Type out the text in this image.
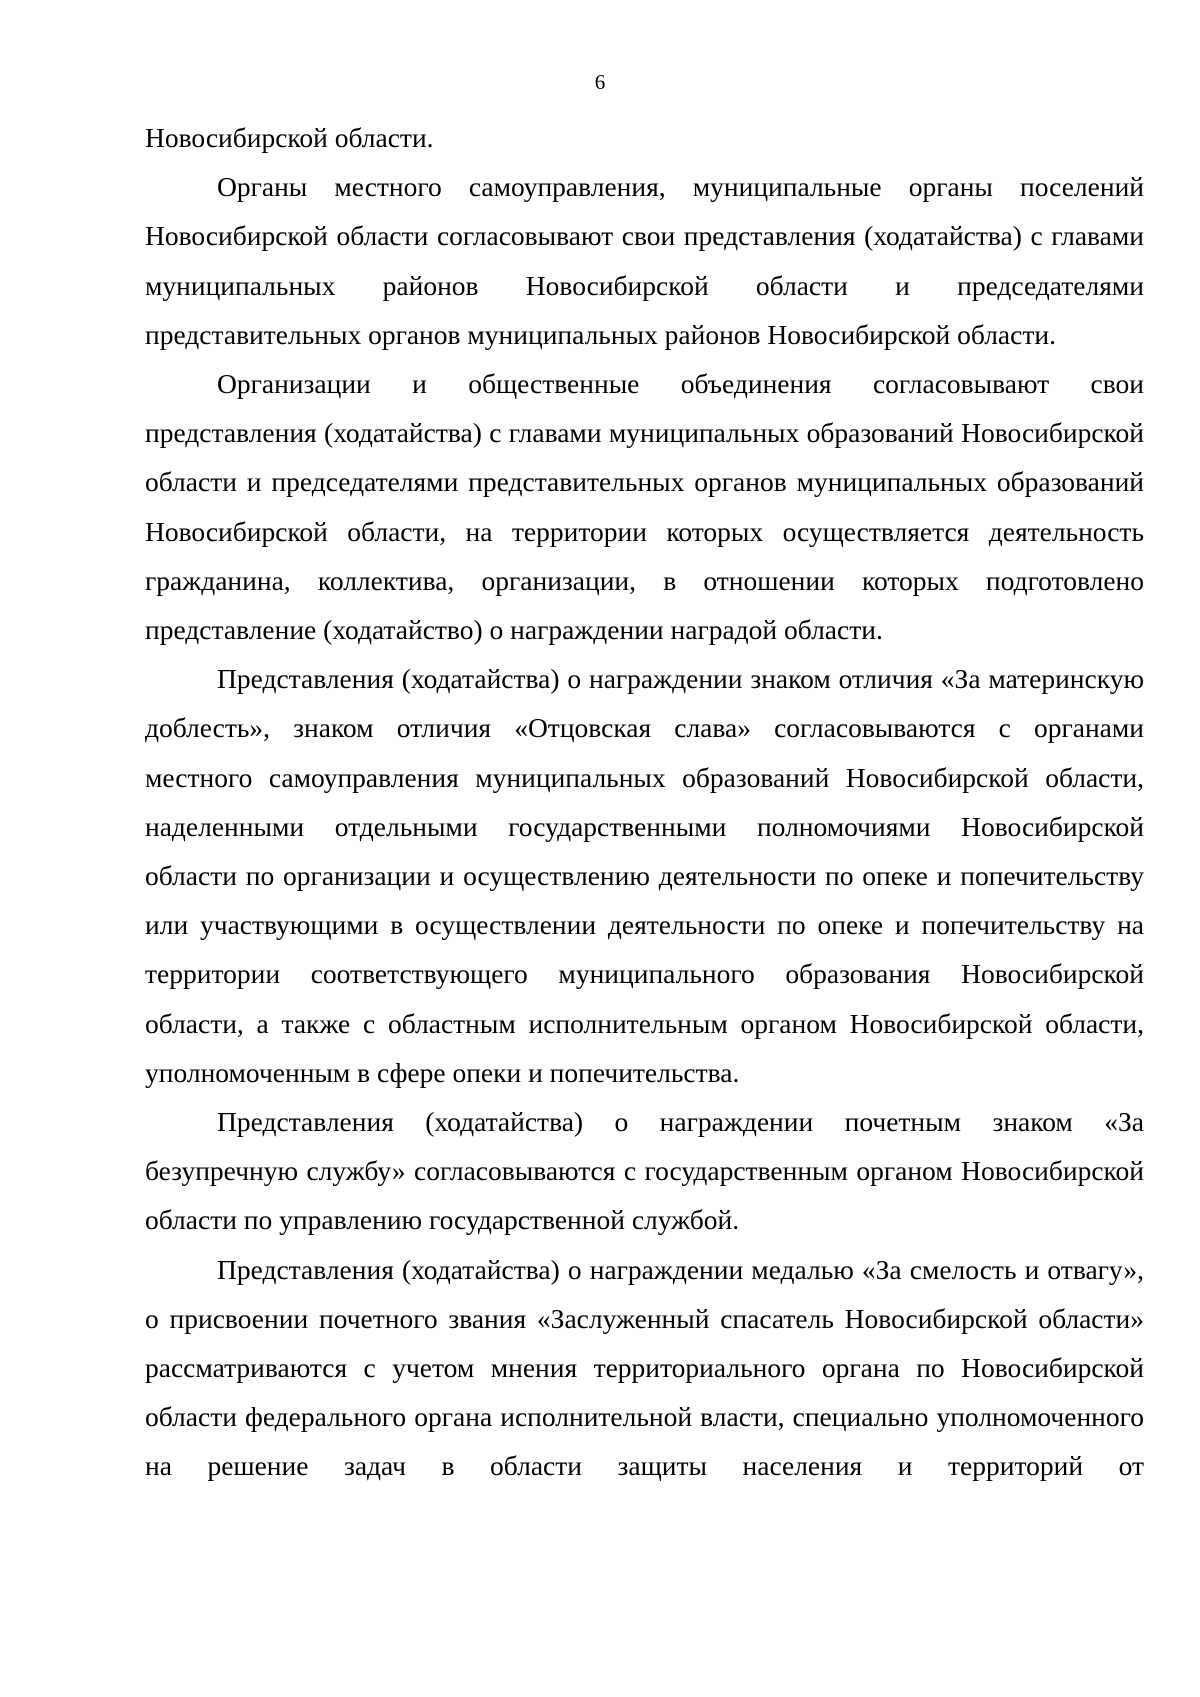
6

Новосибирской области.

Органы местного самоуправления, муниципальные органы поселений Новосибирской области согласовывают свои представления (ходатайства) с главами муниципальных районов Новосибирской области и председателями представительных органов муниципальных районов Новосибирской области.

Организации и общественные объединения согласовывают свои представления (ходатайства) с главами муниципальных образований Новосибирской области и председателями представительных органов муниципальных образований Новосибирской области, на территории которых осуществляется деятельность гражданина, коллектива, организации, в отношении которых подготовлено представление (ходатайство) о награждении наградой области.

Представления (ходатайства) о награждении знаком отличия «За материнскую доблесть», знаком отличия «Отцовская слава» согласовываются с органами местного самоуправления муниципальных образований Новосибирской области, наделенными отдельными государственными полномочиями Новосибирской области по организации и осуществлению деятельности по опеке и попечительству или участвующими в осуществлении деятельности по опеке и попечительству на территории соответствующего муниципального образования Новосибирской области, а также с областным исполнительным органом Новосибирской области, уполномоченным в сфере опеки и попечительства.

Представления (ходатайства) о награждении почетным знаком «За безупречную службу» согласовываются с государственным органом Новосибирской области по управлению государственной службой.

Представления (ходатайства) о награждении медалью «За смелость и отвагу», о присвоении почетного звания «Заслуженный спасатель Новосибирской области» рассматриваются с учетом мнения территориального органа по Новосибирской области федерального органа исполнительной власти, специально уполномоченного на решение задач в области защиты населения и территорий от
